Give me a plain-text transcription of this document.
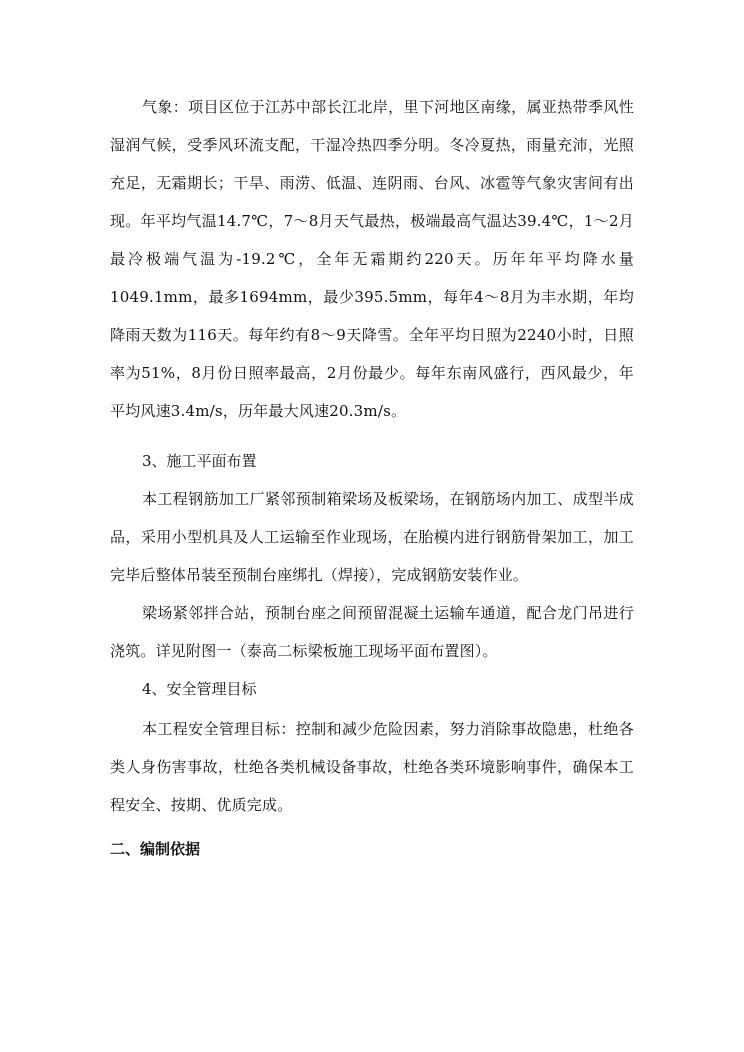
气象：项目区位于江苏中部长江北岸，里下河地区南缘，属亚热带季风性湿润气候，受季风环流支配，干湿冷热四季分明。冬冷夏热，雨量充沛，光照充足，无霜期长；干旱、雨涝、低温、连阴雨、台风、冰雹等气象灾害间有出现。年平均气温14.7℃，7～8月天气最热，极端最高气温达39.4℃，1～2月最冷极端气温为-19.2℃，全年无霜期约220天。历年年平均降水量1049.1mm，最多1694mm，最少395.5mm，每年4～8月为丰水期，年均降雨天数为116天。每年约有8～9天降雪。全年平均日照为2240小时，日照率为51%，8月份日照率最高，2月份最少。每年东南风盛行，西风最少，年平均风速3.4m/s，历年最大风速20.3m/s。

3、施工平面布置

本工程钢筋加工厂紧邻预制箱梁场及板梁场，在钢筋场内加工、成型半成品，采用小型机具及人工运输至作业现场，在胎模内进行钢筋骨架加工，加工完毕后整体吊装至预制台座绑扎（焊接），完成钢筋安装作业。

梁场紧邻拌合站，预制台座之间预留混凝土运输车通道，配合龙门吊进行浇筑。详见附图一（泰高二标梁板施工现场平面布置图）。

4、安全管理目标

本工程安全管理目标：控制和减少危险因素，努力消除事故隐患，杜绝各类人身伤害事故，杜绝各类机械设备事故，杜绝各类环境影响事件，确保本工程安全、按期、优质完成。

二、编制依据
